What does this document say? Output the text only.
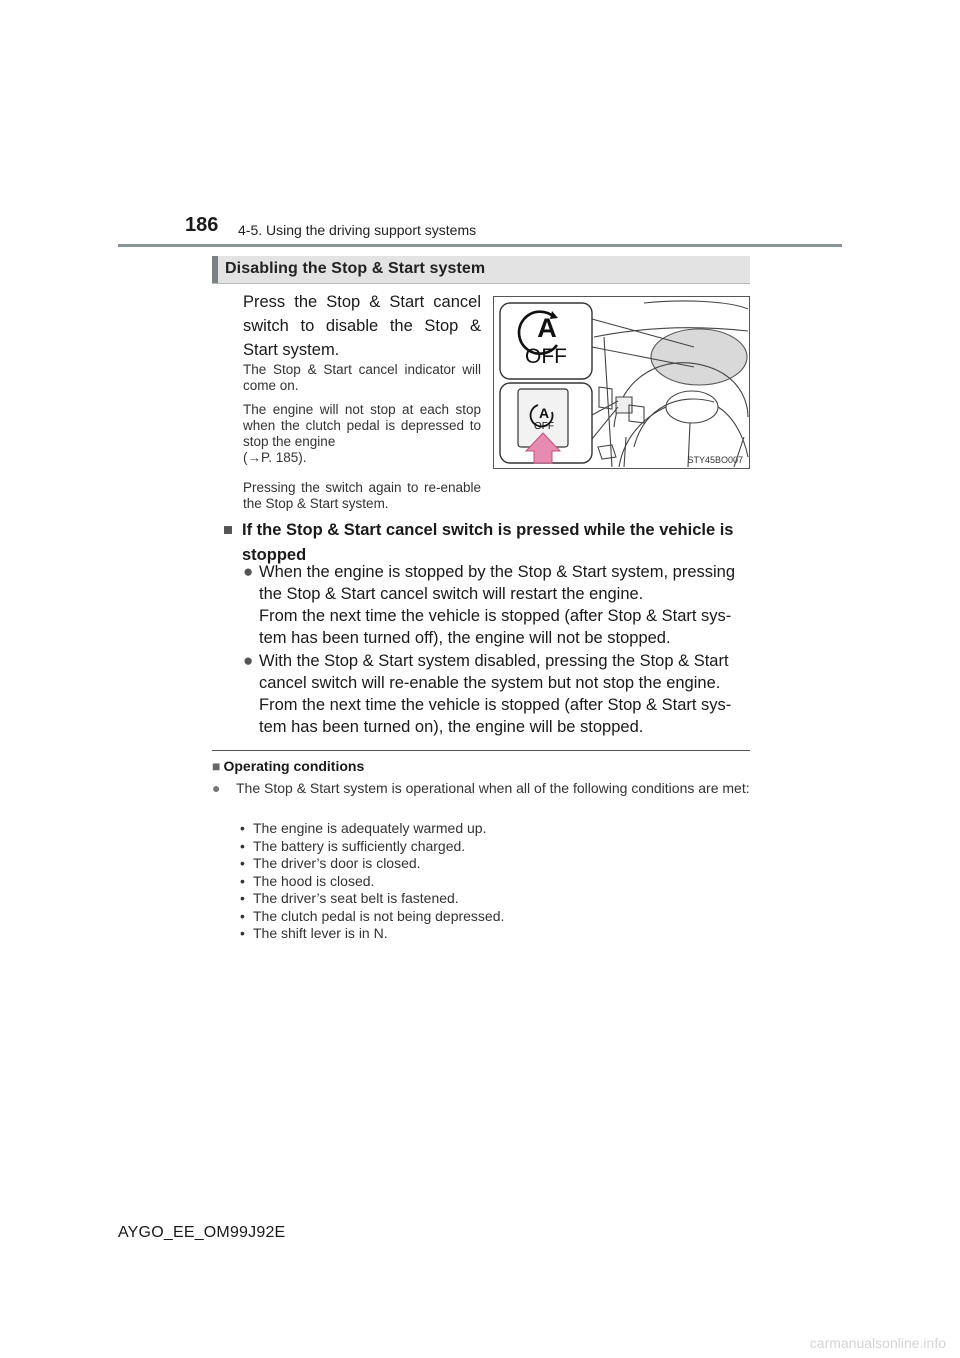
186 4-5. Using the driving support systems
Disabling the Stop & Start system
Press the Stop & Start cancel switch to disable the Stop & Start system.
The Stop & Start cancel indicator will come on.
The engine will not stop at each stop when the clutch pedal is depressed to stop the engine
(→P. 185).
Pressing the switch again to re-enable the Stop & Start system.
A
OFF
A
OFF
STY45BO007
■ If the Stop & Start cancel switch is pressed while the vehicle is stopped
● When the engine is stopped by the Stop & Start system, pressing the Stop & Start cancel switch will restart the engine.

From the next time the vehicle is stopped (after Stop & Start sys-tem has been turned off), the engine will not be stopped.

● With the Stop & Start system disabled, pressing the Stop & Start cancel switch will re-enable the system but not stop the engine.

From the next time the vehicle is stopped (after Stop & Start sys-tem has been turned on), the engine will be stopped.

■ Operating conditions
●	The Stop & Start system is operational when all of the following conditions are met:
• The engine is adequately warmed up.
• The battery is sufficiently charged.
• The driver’s door is closed.
• The hood is closed.
• The driver’s seat belt is fastened.
• The clutch pedal is not being depressed.
• The shift lever is in N.
AYGO_EE_OM99J92E
carmanualsonline.info
